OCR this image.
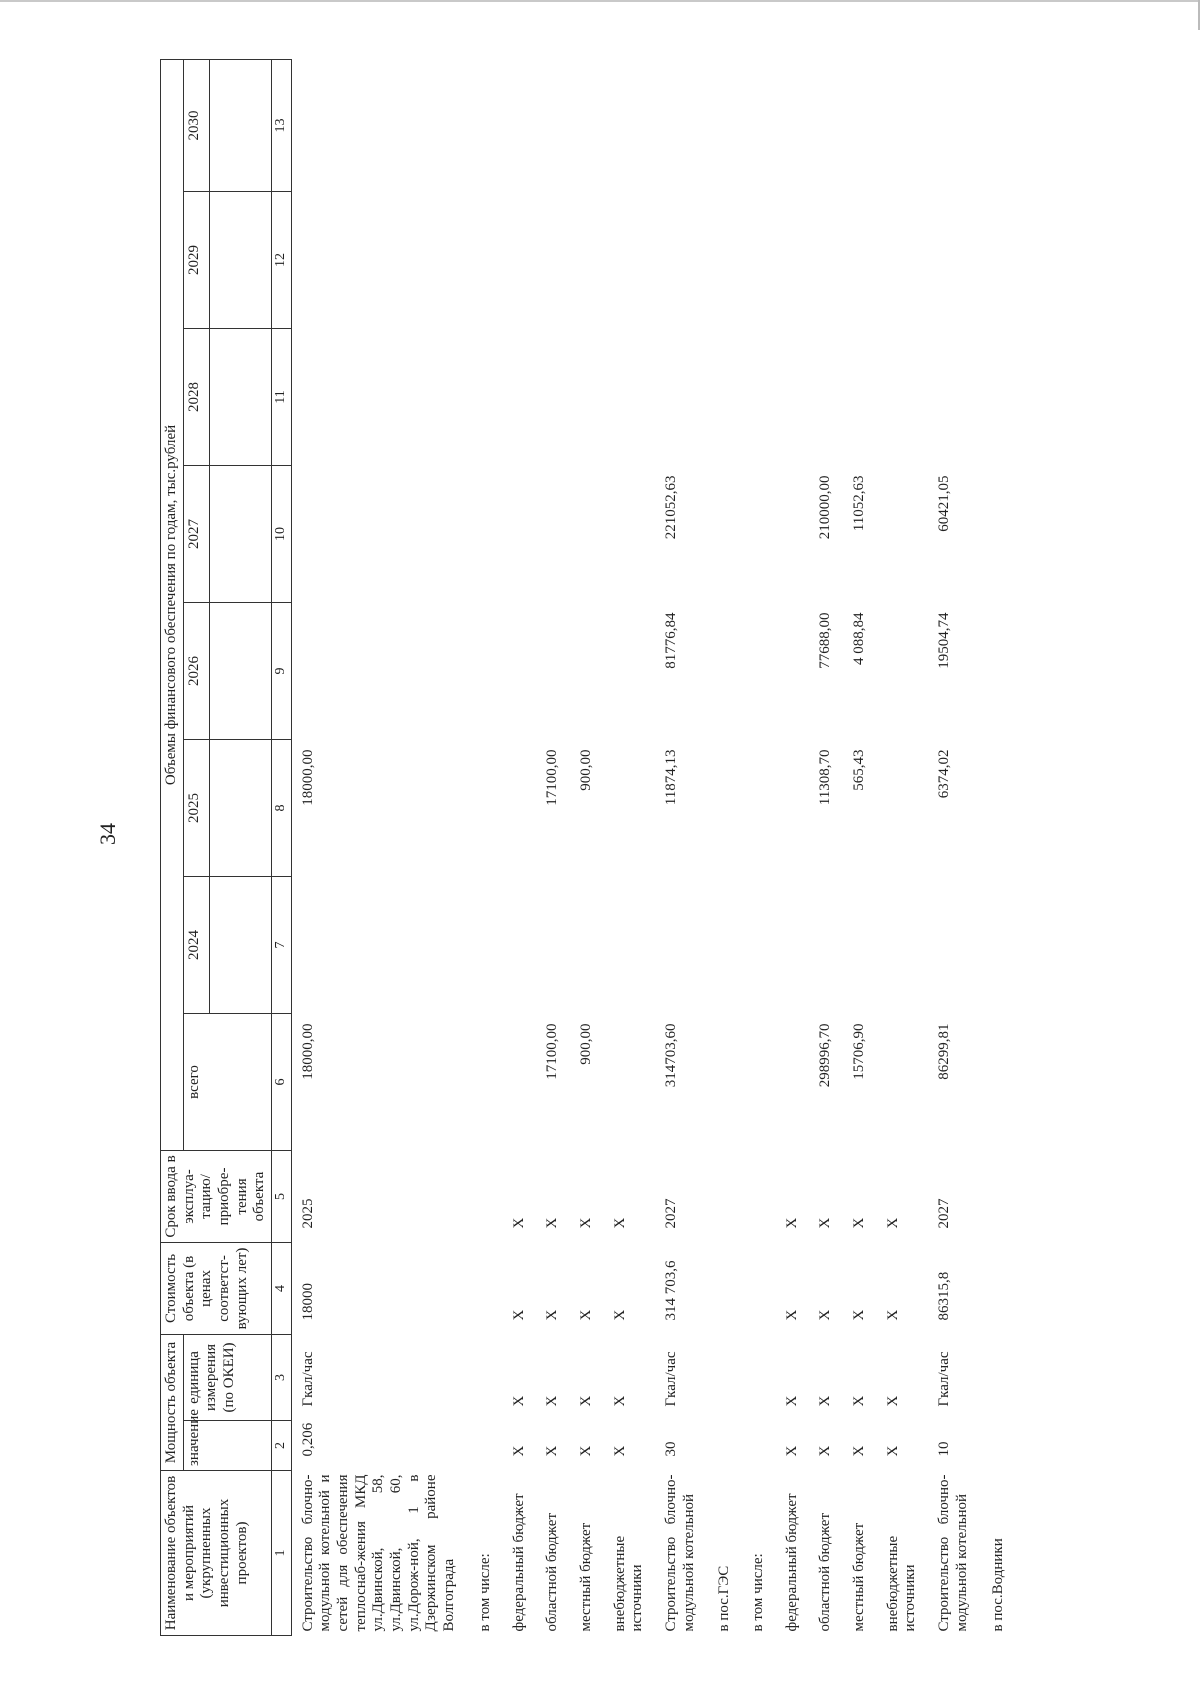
34
Наименование объектов и мероприятий (укрупненных инвестиционных проектов)	Мощность объекта		Стоимость объекта (в ценах соответст-вующих лет)	Срок ввода в эксплуа-тацию/ приобре-тения объекта	Объемы финансового обеспечения по годам, тыс.рублей							
	значение	единица измерения (по ОКЕИ)			всего	2024	2025	2026	2027	2028	2029	2030

1	2	3	4	5	6	7	8	9	10	11	12	13
Строительство блочно-модульной котельной и сетей для обеспечения теплоснаб-жения МКД ул.Двинской, 58, ул.Двинской, 60, ул.Дорож-ной, 1 в Дзержинском районе Волгограда	0,206	Гкал/час	18000	2025	18000,00		18000,00					
в том числе:												
федеральный бюджет	Х	Х	Х	Х								
областной бюджет	Х	Х	Х	Х	17100,00		17100,00					
местный бюджет	Х	Х	Х	Х	900,00		900,00					
внебюджетные источники	Х	Х	Х	Х								
Строительство блочно-модульной котельной	30	Гкал/час	314 703,6	2027	314703,60		11874,13	81776,84	221052,63			
в пос.ГЭС												
в том числе:												
федеральный бюджет	Х	Х	Х	Х								
областной бюджет	Х	Х	Х	Х	298996,70		11308,70	77688,00	210000,00			
местный бюджет	Х	Х	Х	Х	15706,90		565,43	4 088,84	11052,63			
внебюджетные источники	Х	Х	Х	Х								
Строительство блочно-модульной котельной	10	Гкал/час	86315,8	2027	86299,81		6374,02	19504,74	60421,05			
в пос.Водники												
